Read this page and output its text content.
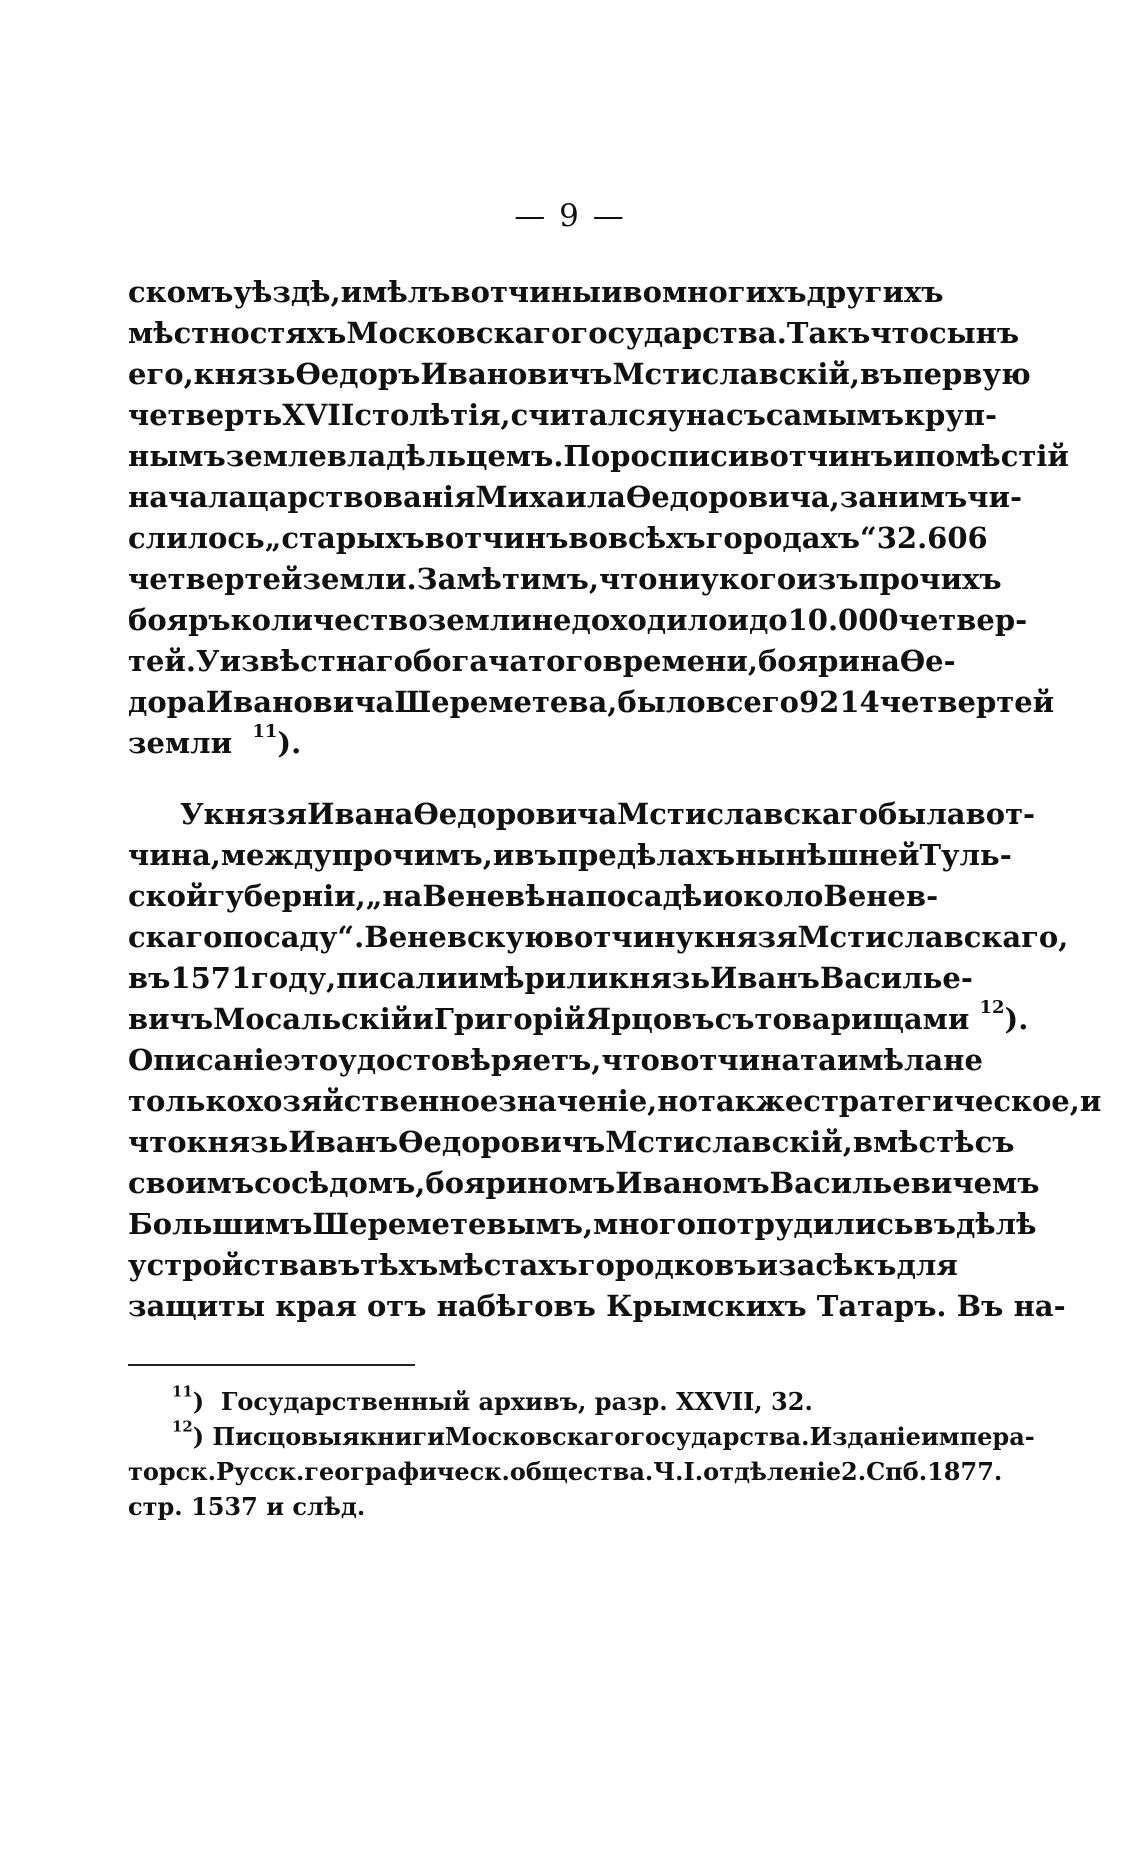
— 9 —
скомъ уѣздѣ, имѣлъ вотчины и во многихъ другихъ
мѣстностяхъ Московскаго государства. Такъ что сынъ
его, князь Ѳедоръ Ивановичъ Мстиславскій, въ первую
четверть XVII столѣтія, считался у насъ самымъ круп-
нымъ землевладѣльцемъ. По росписи вотчинъ и помѣстій
начала царствованія Михаила Ѳедоровича, за нимъ чи-
слилось „старыхъ вотчинъ во всѣхъ городахъ“ 32.606
четвертей земли. Замѣтимъ, что ни у кого изъ прочихъ
бояръ количество земли не доходило и до 10.000 четвер-
тей. У извѣстнаго богача того времени, боярина Ѳе-
дора Ивановича Шереметева, было всего 9214 четвертей
земли $^{11}$).
У князя Ивана Ѳедоровича Мстиславскаго была вот-
чина, между прочимъ, и въ предѣлахъ нынѣшней Туль-
ской губерніи, „на Веневѣ на посадѣ и около Венев-
скаго посаду“. Веневскую вотчину князя Мстиславскаго,
въ 1571 году, писали и мѣрили князь Иванъ Василье-
вичъ Мосальскій и Григорій Ярцовъ съ товарищами $^{12}$).
Описаніе это удостовѣряетъ, что вотчина та имѣла не
только хозяйственное значеніе, но также стратегическое, и
что князь Иванъ Ѳедоровичъ Мстиславскій, вмѣстѣ съ
своимъ сосѣдомъ, бояриномъ Иваномъ Васильевичемъ
Большимъ Шереметевымъ, много потрудились въ дѣлѣ
устройства въ тѣхъ мѣстахъ городковъ и засѣкъ для
защиты края отъ набѣговъ Крымскихъ Татаръ. Въ на-
$^{11}$) Государственный архивъ, разр. XXVII, 32.
$^{12}$) Писцовыя книги Московскаго государства. Изданіе импера-
торск. Русск. географическ. общества. Ч. I. отдѣленіе 2. Спб. 1877.
стр. 1537 и слѣд.
